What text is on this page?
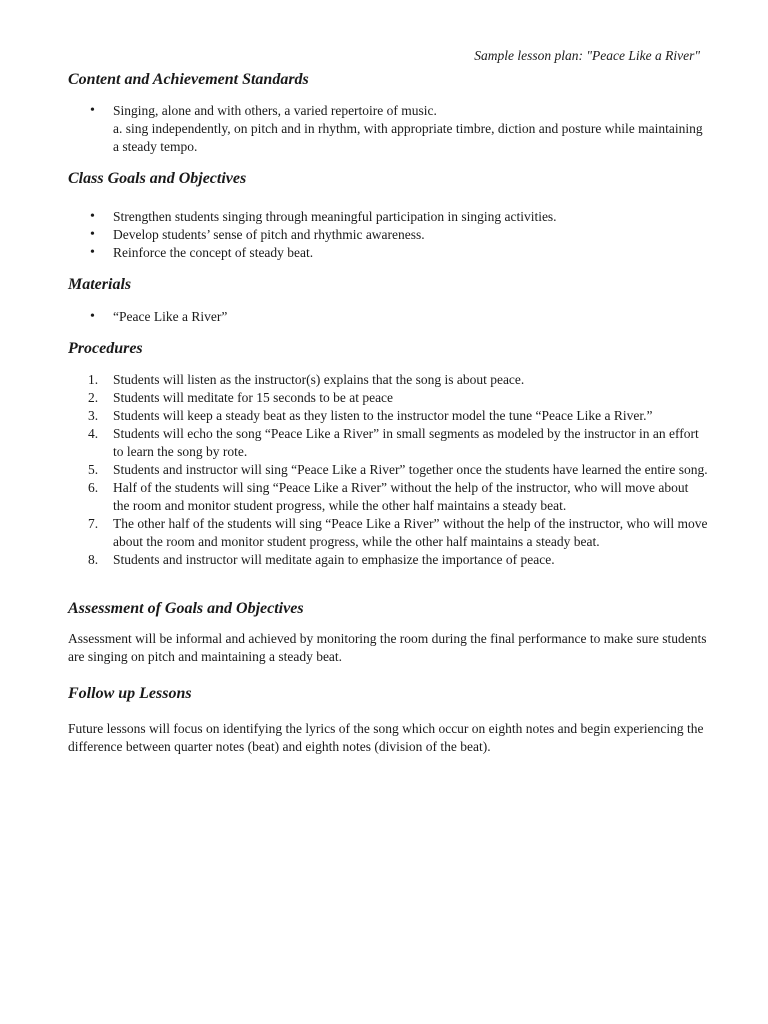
Sample lesson plan: "Peace Like a River"
Content and Achievement Standards
• Singing, alone and with others, a varied repertoire of music.
a. sing independently, on pitch and in rhythm, with appropriate timbre, diction and posture while maintaining a steady tempo.
Class Goals and Objectives
• Strengthen students singing through meaningful participation in singing activities.
• Develop students’ sense of pitch and rhythmic awareness.
• Reinforce the concept of steady beat.
Materials
• “Peace Like a River”
Procedures
1. Students will listen as the instructor(s) explains that the song is about peace.
2. Students will meditate for 15 seconds to be at peace
3. Students will keep a steady beat as they listen to the instructor model the tune “Peace Like a River.”
4. Students will echo the song “Peace Like a River” in small segments as modeled by the instructor in an effort to learn the song by rote.
5. Students and instructor will sing “Peace Like a River” together once the students have learned the entire song.
6. Half of the students will sing “Peace Like a River” without the help of the instructor, who will move about the room and monitor student progress, while the other half maintains a steady beat.
7. The other half of the students will sing “Peace Like a River” without the help of the instructor, who will move about the room and monitor student progress, while the other half maintains a steady beat.
8. Students and instructor will meditate again to emphasize the importance of peace.
Assessment of Goals and Objectives

Assessment will be informal and achieved by monitoring the room during the final performance to make sure students are singing on pitch and maintaining a steady beat.

Follow up Lessons

Future lessons will focus on identifying the lyrics of the song which occur on eighth notes and begin experiencing the difference between quarter notes (beat) and eighth notes (division of the beat).
